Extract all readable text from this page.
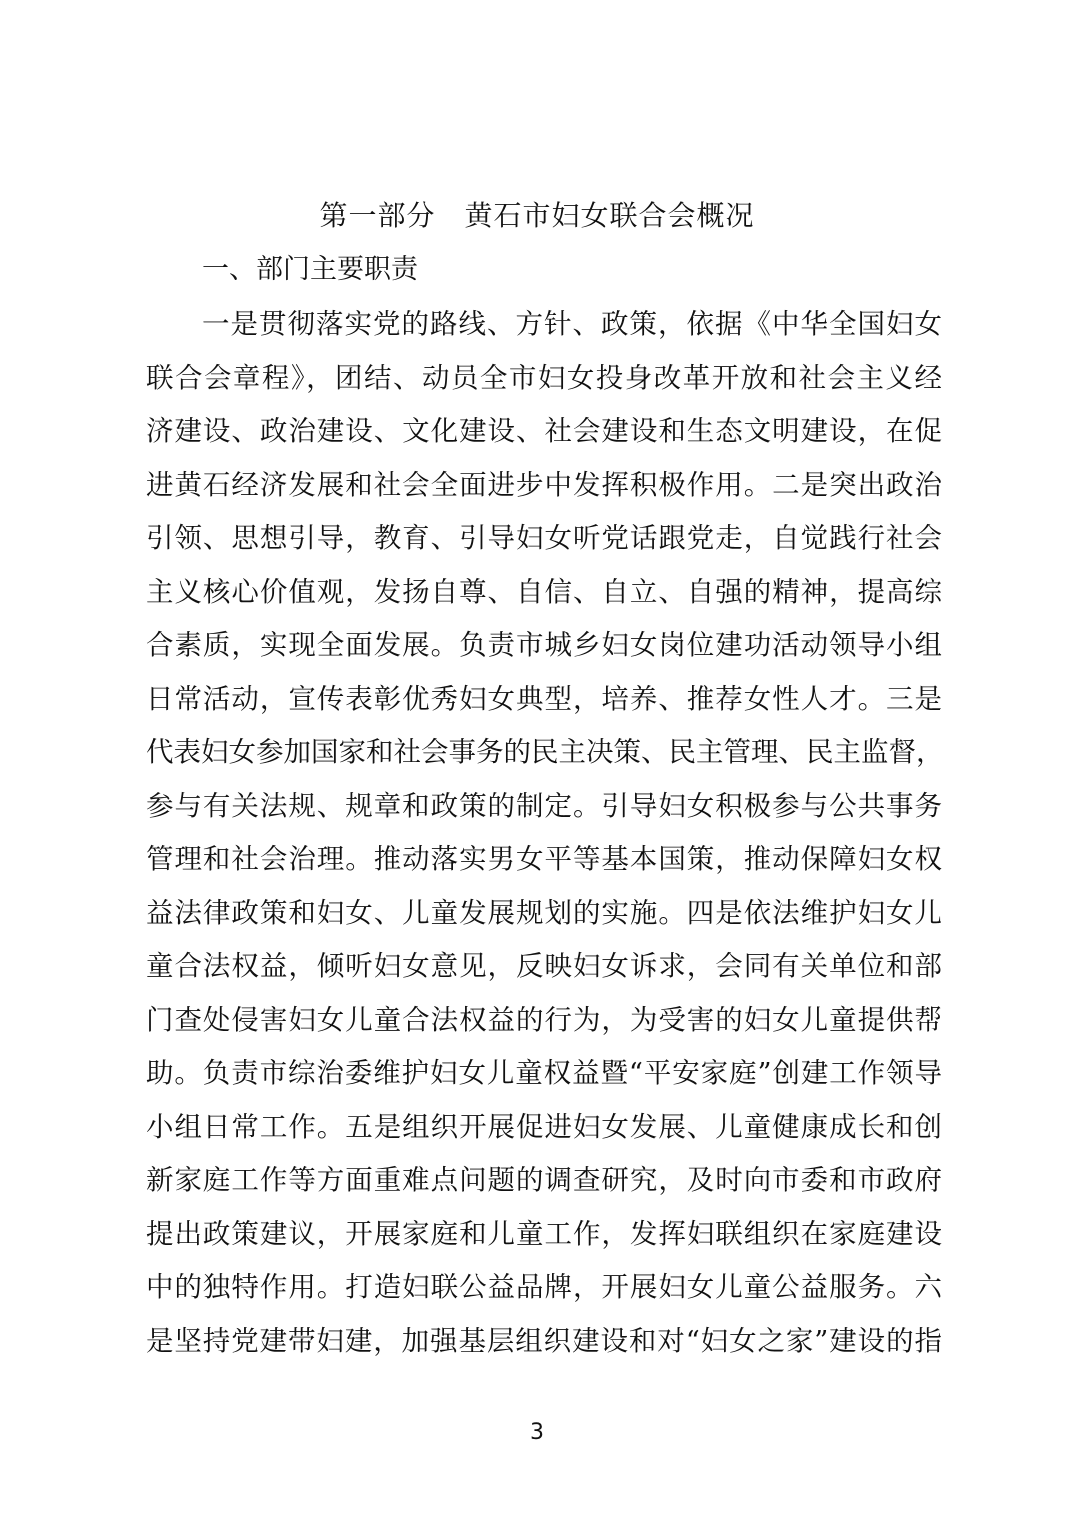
第一部分　黄石市妇女联合会概况
一、部门主要职责
一是贯彻落实党的路线、方针、政策，依据《中华全国妇女
联合会章程》，团结、动员全市妇女投身改革开放和社会主义经
济建设、政治建设、文化建设、社会建设和生态文明建设，在促
进黄石经济发展和社会全面进步中发挥积极作用。二是突出政治
引领、思想引导，教育、引导妇女听党话跟党走，自觉践行社会
主义核心价值观，发扬自尊、自信、自立、自强的精神，提高综
合素质，实现全面发展。负责市城乡妇女岗位建功活动领导小组
日常活动，宣传表彰优秀妇女典型，培养、推荐女性人才。三是
代表妇女参加国家和社会事务的民主决策、民主管理、民主监督，
参与有关法规、规章和政策的制定。引导妇女积极参与公共事务
管理和社会治理。推动落实男女平等基本国策，推动保障妇女权
益法律政策和妇女、儿童发展规划的实施。四是依法维护妇女儿
童合法权益，倾听妇女意见，反映妇女诉求，会同有关单位和部
门查处侵害妇女儿童合法权益的行为，为受害的妇女儿童提供帮
助。负责市综治委维护妇女儿童权益暨“平安家庭”创建工作领导
小组日常工作。五是组织开展促进妇女发展、儿童健康成长和创
新家庭工作等方面重难点问题的调查研究，及时向市委和市政府
提出政策建议，开展家庭和儿童工作，发挥妇联组织在家庭建设
中的独特作用。打造妇联公益品牌，开展妇女儿童公益服务。六
是坚持党建带妇建，加强基层组织建设和对“妇女之家”建设的指
3
